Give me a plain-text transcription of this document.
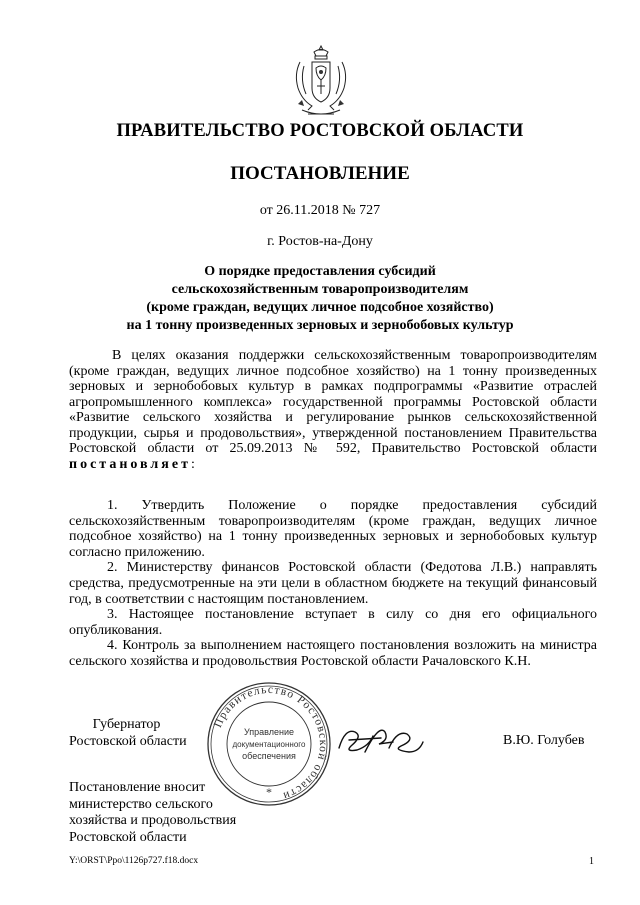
ПРАВИТЕЛЬСТВО РОСТОВСКОЙ ОБЛАСТИ
ПОСТАНОВЛЕНИЕ
от 26.11.2018 № 727
г. Ростов-на-Дону
О порядке предоставления субсидий
сельскохозяйственным товаропроизводителям
(кроме граждан, ведущих личное подсобное хозяйство)
на 1 тонну произведенных зерновых и зернобобовых культур

В целях оказания поддержки сельскохозяйственным товаропроизводителям (кроме граждан, ведущих личное подсобное хозяйство) на 1 тонну произведенных зерновых и зернобобовых культур в рамках подпрограммы «Развитие отраслей агропромышленного комплекса» государственной программы Ростовской области «Развитие сельского хозяйства и регулирование рынков сельскохозяйственной продукции, сырья и продовольствия», утвержденной постановлением Правительства Ростовской области от 25.09.2013 № 592, Правительство Ростовской области постановляет:

1. Утвердить Положение о порядке предоставления субсидий сельскохозяйственным товаропроизводителям (кроме граждан, ведущих личное подсобное хозяйство) на 1 тонну произведенных зерновых и зернобобовых культур согласно приложению.

2. Министерству финансов Ростовской области (Федотова Л.В.) направлять средства, предусмотренные на эти цели в областном бюджете на текущий финансовый год, в соответствии с настоящим постановлением.

3. Настоящее постановление вступает в силу со дня его официального опубликования.

4. Контроль за выполнением настоящего постановления возложить на министра сельского хозяйства и продовольствия Ростовской области Рачаловского К.Н.

Губернатор
Ростовской области
Правительство Ростовской области
Управление
документационного
обеспечения
*
В.Ю. Голубев
Постановление вносит
министерство сельского
хозяйства и продовольствия
Ростовской области
Y:\ORST\Ppo\1126p727.f18.docx	1
